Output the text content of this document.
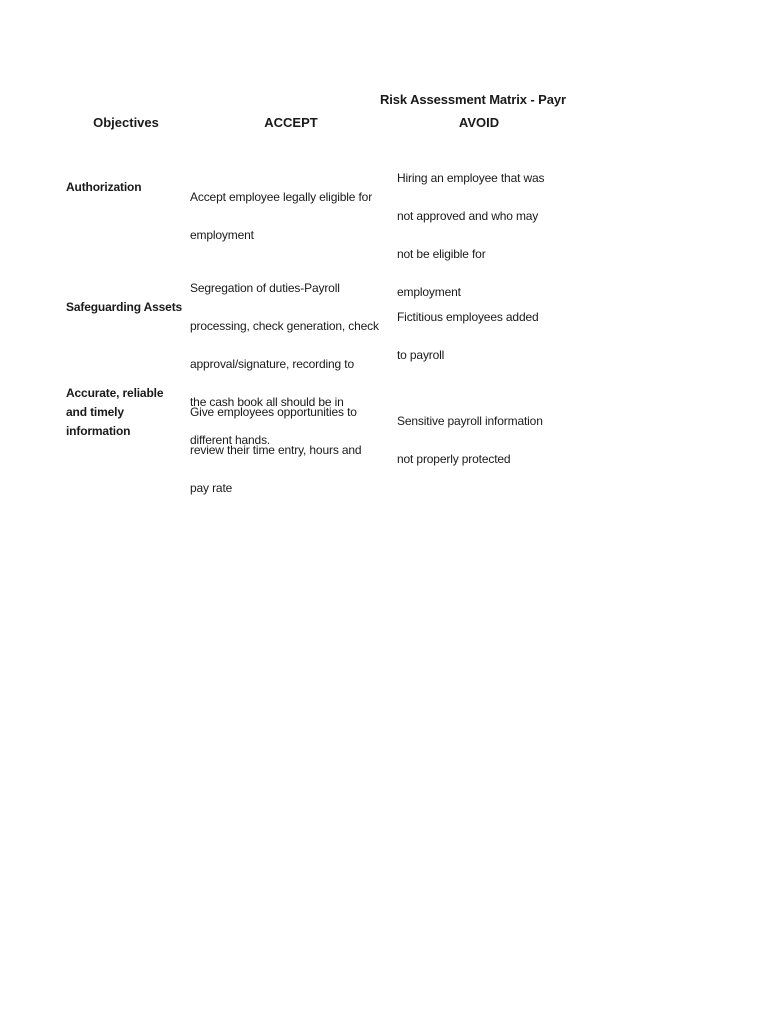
Risk Assessment Matrix - Payr
Objectives	ACCEPT	AVOID
Authorization

Accept employee legally eligible for

employment

Hiring an employee that was

not approved and who may

not be eligible for

employment

Safeguarding Assets

Segregation of duties-Payroll

processing, check generation, check

approval/signature, recording to

the cash book all should be in

different hands.

Fictitious employees added

to payroll

Accurate, reliable
and timely
information

Give employees opportunities to

review their time entry, hours and

pay rate

Sensitive payroll information

not properly protected
